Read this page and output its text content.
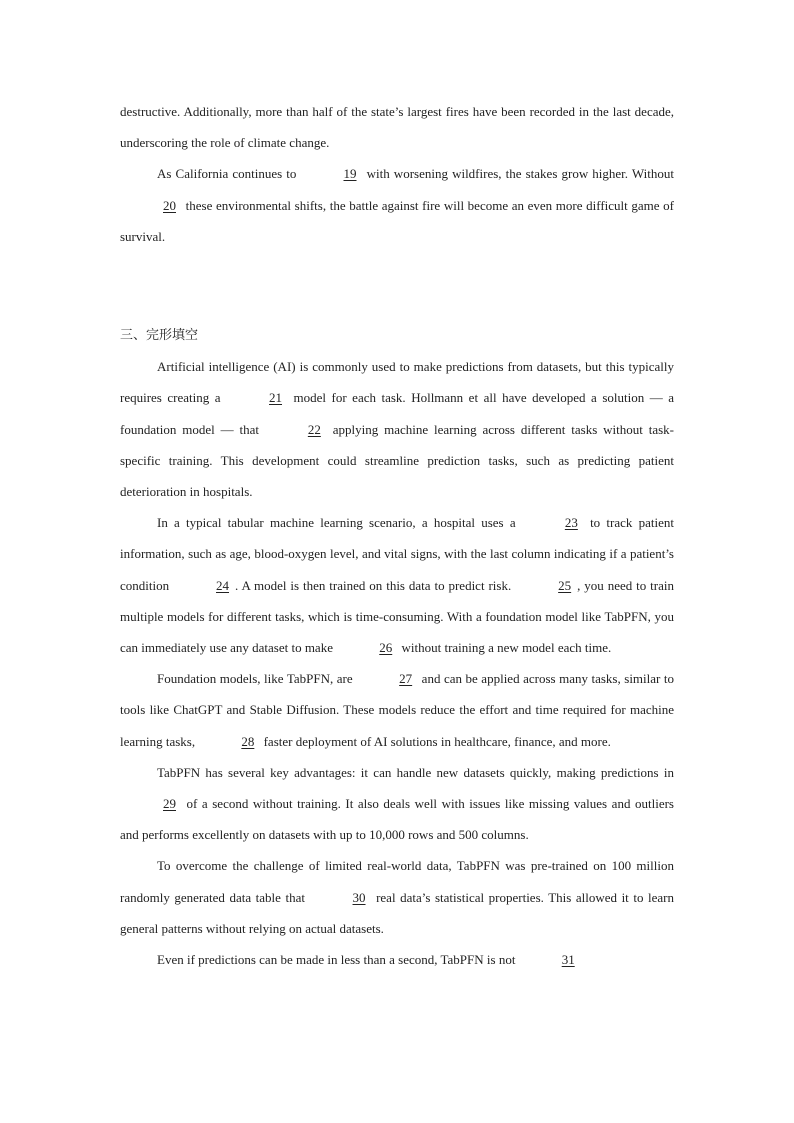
destructive. Additionally, more than half of the state’s largest fires have been recorded in the last decade, underscoring the role of climate change.

As California continues to	19 with worsening wildfires, the stakes grow higher. Without 20 these environmental shifts, the battle against fire will become an even more difficult game of survival.

三、完形填空

Artificial intelligence (AI) is commonly used to make predictions from datasets, but this typically requires creating a	21 model for each task. Hollmann et all have developed a solution — a foundation model — that	22 applying machine learning across different tasks without task-specific training. This development could streamline prediction tasks, such as predicting patient deterioration in hospitals.

In a typical tabular machine learning scenario, a hospital uses a	23 to track patient information, such as age, blood-oxygen level, and vital signs, with the last column indicating if a patient’s condition	24 . A model is then trained on this data to predict risk.	25 , you need to train multiple models for different tasks, which is time-consuming. With a foundation model like TabPFN, you can immediately use any dataset to make	26 without training a new model each time.

Foundation models, like TabPFN, are	27 and can be applied across many tasks, similar to tools like ChatGPT and Stable Diffusion. These models reduce the effort and time required for machine learning tasks,	28 faster deployment of AI solutions in healthcare, finance, and more.

TabPFN has several key advantages: it can handle new datasets quickly, making predictions in 29 of a second without training. It also deals well with issues like missing values and outliers and performs excellently on datasets with up to 10,000 rows and 500 columns.

To overcome the challenge of limited real-world data, TabPFN was pre-trained on 100 million randomly generated data table that	30 real data’s statistical properties. This allowed it to learn general patterns without relying on actual datasets.

Even if predictions can be made in less than a second, TabPFN is not	31
